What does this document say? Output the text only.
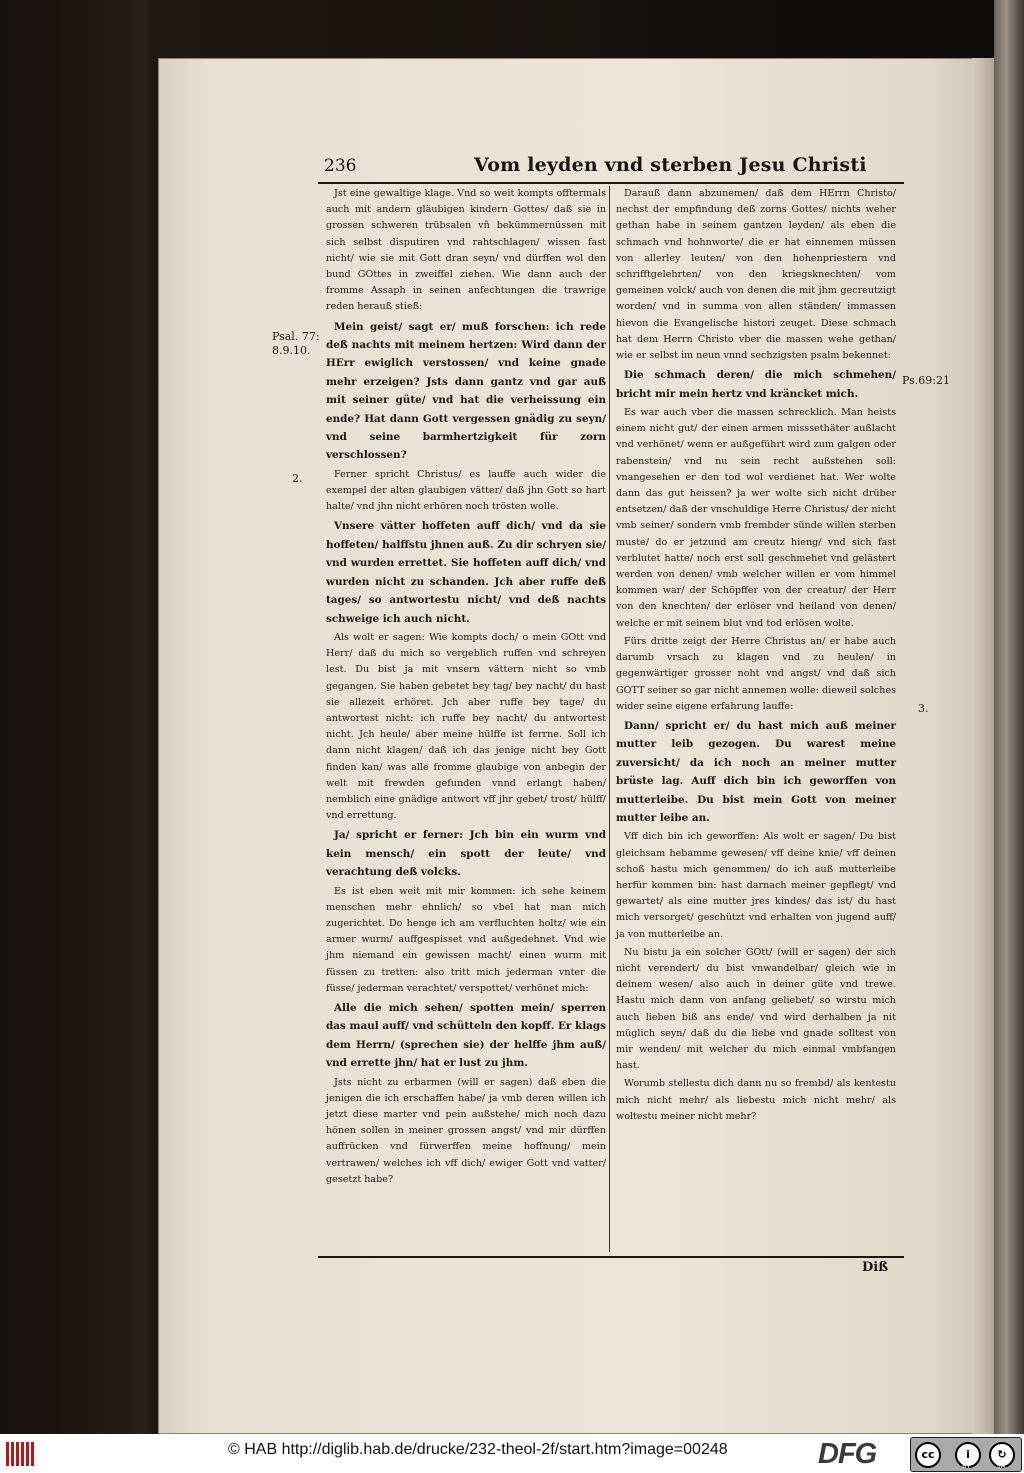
236	Vom leyden vnd sterben Jesu Christi
Psal. 77: 8.9.10.
2.
Ps.69:21
3.

Jst eine gewaltige klage. Vnd so weit kompts offtermals auch mit andern gläubigen kindern Gottes/ daß sie in grossen schweren trübsalen vñ bekümmernüssen mit sich selbst disputiren vnd rahtschlagen/ wissen fast nicht/ wie sie mit Gott dran seyn/ vnd dürffen wol den bund GOttes in zweiffel ziehen. Wie dann auch der fromme Assaph in seinen anfechtungen die trawrige reden herauß stieß:

Mein geist/ sagt er/ muß forschen: ich rede deß nachts mit meinem hertzen: Wird dann der HErr ewiglich verstossen/ vnd keine gnade mehr erzeigen? Jsts dann gantz vnd gar auß mit seiner güte/ vnd hat die verheissung ein ende? Hat dann Gott vergessen gnädig zu seyn/ vnd seine barmhertzigkeit für zorn verschlossen?

Ferner spricht Christus/ es lauffe auch wider die exempel der alten glaubigen vätter/ daß jhn Gott so hart halte/ vnd jhn nicht erhören noch trösten wolle.

Vnsere vätter hoffeten auff dich/ vnd da sie hoffeten/ halffstu jhnen auß. Zu dir schryen sie/ vnd wurden errettet. Sie hoffeten auff dich/ vnd wurden nicht zu schanden. Jch aber ruffe deß tages/ so antwortestu nicht/ vnd deß nachts schweige ich auch nicht.

Als wolt er sagen: Wie kompts doch/ o mein GOtt vnd Herr/ daß du mich so vergeblich ruffen vnd schreyen lest. Du bist ja mit vnsern vättern nicht so vmb gegangen. Sie haben gebetet bey tag/ bey nacht/ du hast sie allezeit erhöret. Jch aber ruffe bey tage/ du antwortest nicht: ich ruffe bey nacht/ du antwortest nicht. Jch heule/ aber meine hülffe ist ferrne. Soll ich dann nicht klagen/ daß ich das jenige nicht bey Gott finden kan/ was alle fromme glaubige von anbegin der welt mit frewden gefunden vnnd erlangt haben/ nemblich eine gnädige antwort vff jhr gebet/ trost/ hülff/ vnd errettung.

Ja/ spricht er ferner: Jch bin ein wurm vnd kein mensch/ ein spott der leute/ vnd verachtung deß volcks.

Es ist eben weit mit mir kommen: ich sehe keinem menschen mehr ehnlich/ so vbel hat man mich zugerichtet. Do henge ich am verfluchten holtz/ wie ein armer wurm/ auffgespisset vnd außgedehnet. Vnd wie jhm niemand ein gewissen macht/ einen wurm mit füssen zu tretten: also tritt mich jederman vnter die füsse/ jederman verachtet/ verspottet/ verhönet mich:

Alle die mich sehen/ spotten mein/ sperren das maul auff/ vnd schütteln den kopff. Er klags dem Herrn/ (sprechen sie) der helffe jhm auß/ vnd errette jhn/ hat er lust zu jhm.

Jsts nicht zu erbarmen (will er sagen) daß eben die jenigen die ich erschaffen habe/ ja vmb deren willen ich jetzt diese marter vnd pein außstehe/ mich noch dazu hönen sollen in meiner grossen angst/ vnd mir dürffen auffrücken vnd fürwerffen meine hoffnung/ mein vertrawen/ welches ich vff dich/ ewiger Gott vnd vatter/ gesetzt habe?

Darauß dann abzunemen/ daß dem HErrn Christo/ nechst der empfindung deß zorns Gottes/ nichts weher gethan habe in seinem gantzen leyden/ als eben die schmach vnd hohnworte/ die er hat einnemen müssen von allerley leuten/ von den hohenpriestern vnd schrifftgelehrten/ von den kriegsknechten/ vom gemeinen volck/ auch von denen die mit jhm gecreutzigt worden/ vnd in summa von allen ständen/ immassen hievon die Evangelische histori zeuget. Diese schmach hat dem Herrn Christo vber die massen wehe gethan/ wie er selbst im neun vnnd sechzigsten psalm bekennet:

Die schmach deren/ die mich schmehen/ bricht mir mein hertz vnd kräncket mich.

Es war auch vber die massen schrecklich. Man heists einem nicht gut/ der einen armen misssethäter außlacht vnd verhönet/ wenn er außgeführt wird zum galgen oder rabenstein/ vnd nu sein recht außstehen soll: vnangesehen er den tod wol verdienet hat. Wer wolte dann das gut heissen? ja wer wolte sich nicht drüber entsetzen/ daß der vnschuldige Herre Christus/ der nicht vmb seiner/ sondern vmb frembder sünde willen sterben muste/ do er jetzund am creutz hieng/ vnd sich fast verblutet hatte/ noch erst soll geschmehet vnd gelästert werden von denen/ vmb welcher willen er vom himmel kommen war/ der Schöpffer von der creatur/ der Herr von den knechten/ der erlöser vnd heiland von denen/ welche er mit seinem blut vnd tod erlösen wolte.

Fürs dritte zeigt der Herre Christus an/ er habe auch darumb vrsach zu klagen vnd zu heulen/ in gegenwärtiger grosser noht vnd angst/ vnd daß sich GOTT seiner so gar nicht annemen wolle: dieweil solches wider seine eigene erfahrung lauffe:

Dann/ spricht er/ du hast mich auß meiner mutter leib gezogen. Du warest meine zuversicht/ da ich noch an meiner mutter brüste lag. Auff dich bin ich geworffen von mutterleibe. Du bist mein Gott von meiner mutter leibe an.

Vff dich bin ich geworffen: Als wolt er sagen/ Du bist gleichsam hebamme gewesen/ vff deine knie/ vff deinen schoß hastu mich genommen/ do ich auß mutterleibe herfür kommen bin: hast darnach meiner gepflegt/ vnd gewartet/ als eine mutter jres kindes/ das ist/ du hast mich versorget/ geschützt vnd erhalten von jugend auff/ ja von mutterleibe an.

Nu bistu ja ein solcher GOtt/ (will er sagen) der sich nicht verendert/ du bist vnwandelbar/ gleich wie in deinem wesen/ also auch in deiner güte vnd trewe. Hastu mich dann von anfang geliebet/ so wirstu mich auch lieben biß ans ende/ vnd wird derhalben ja nit müglich seyn/ daß du die liebe vnd gnade solltest von mir wenden/ mit welcher du mich einmal vmbfangen hast.

Worumb stellestu dich dann nu so frembd/ als kentestu mich nicht mehr/ als liebestu mich nicht mehr/ als woltestu meiner nicht mehr?

Diß
© HAB http://diglib.hab.de/drucke/232-theol-2f/start.htm?image=00248	DFG	cc	i	↻
BY	SA
